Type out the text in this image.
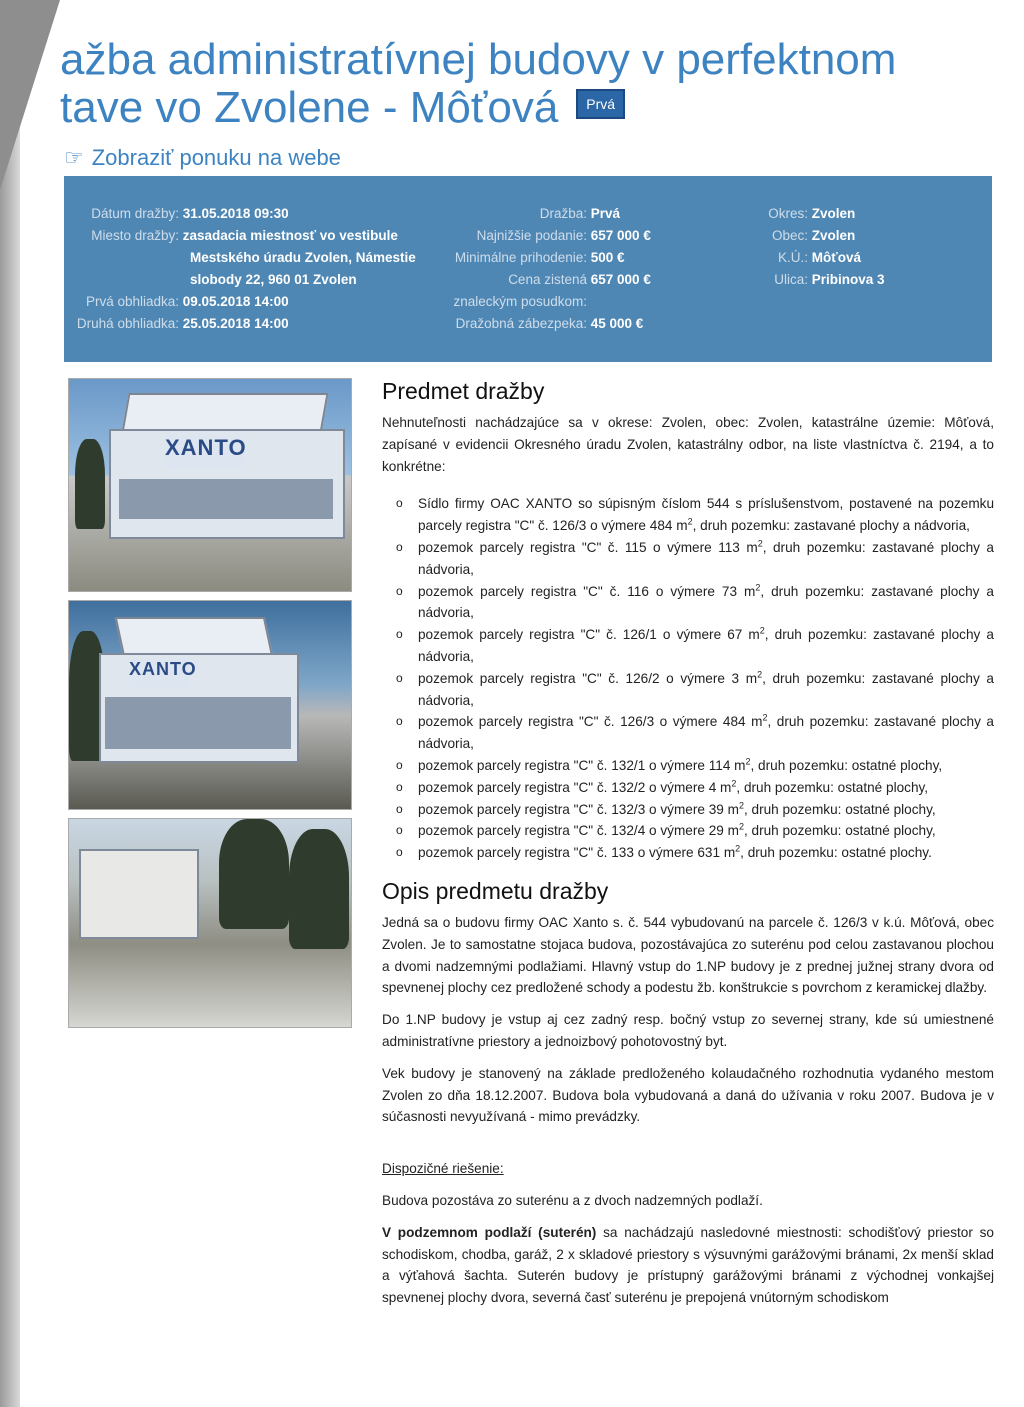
ažba administratívnej budovy v perfektnom
tave vo Zvolene - Môťová Prvá
☞ Zobraziť ponuku na webe
Dátum dražby: 31.05.2018 09:30
Miesto dražby: zasadacia miestnosť vo vestibule
Mestského úradu Zvolen, Námestie
slobody 22, 960 01 Zvolen
Prvá obhliadka: 09.05.2018 14:00
Druhá obhliadka: 25.05.2018 14:00
Dražba: Prvá
Najnižšie podanie: 657 000 €
Minimálne prihodenie: 500 €
Cena zistená 657 000 €
znaleckým posudkom:
Dražobná zábezpeka: 45 000 €
Okres: Zvolen
Obec: Zvolen
K.Ú.: Môťová
Ulica: Pribinova 3
XANTO
XANTO
Predmet dražby

Nehnuteľnosti nachádzajúce sa v okrese: Zvolen, obec: Zvolen, katastrálne územie: Môťová, zapísané v evidencii Okresného úradu Zvolen, katastrálny odbor, na liste vlastníctva č. 2194, a to konkrétne:

o Sídlo firmy OAC XANTO so súpisným číslom 544 s príslušenstvom, postavené na pozemku parcely registra "C" č. 126/3 o výmere 484 $m^2$, druh pozemku: zastavané plochy a nádvoria,
o pozemok parcely registra "C" č. 115 o výmere 113 $m^2$, druh pozemku: zastavané plochy a nádvoria,
o pozemok parcely registra "C" č. 116 o výmere 73 $m^2$, druh pozemku: zastavané plochy a nádvoria,
o pozemok parcely registra "C" č. 126/1 o výmere 67 $m^2$, druh pozemku: zastavané plochy a nádvoria,
o pozemok parcely registra "C" č. 126/2 o výmere 3 $m^2$, druh pozemku: zastavané plochy a nádvoria,
o pozemok parcely registra "C" č. 126/3 o výmere 484 $m^2$, druh pozemku: zastavané plochy a nádvoria,
o pozemok parcely registra "C" č. 132/1 o výmere 114 $m^2$, druh pozemku: ostatné plochy,
o pozemok parcely registra "C" č. 132/2 o výmere 4 $m^2$, druh pozemku: ostatné plochy,
o pozemok parcely registra "C" č. 132/3 o výmere 39 $m^2$, druh pozemku: ostatné plochy,
o pozemok parcely registra "C" č. 132/4 o výmere 29 $m^2$, druh pozemku: ostatné plochy,
o pozemok parcely registra "C" č. 133 o výmere 631 $m^2$, druh pozemku: ostatné plochy.
Opis predmetu dražby

Jedná sa o budovu firmy OAC Xanto s. č. 544 vybudovanú na parcele č. 126/3 v k.ú. Môťová, obec Zvolen. Je to samostatne stojaca budova, pozostávajúca zo suterénu pod celou zastavanou plochou a dvomi nadzemnými podlažiami. Hlavný vstup do 1.NP budovy je z prednej južnej strany dvora od spevnenej plochy cez predložené schody a podestu žb. konštrukcie s povrchom z keramickej dlažby.

Do 1.NP budovy je vstup aj cez zadný resp. bočný vstup zo severnej strany, kde sú umiestnené administratívne priestory a jednoizbový pohotovostný byt.

Vek budovy je stanovený na základe predloženého kolaudačného rozhodnutia vydaného mestom Zvolen zo dňa 18.12.2007. Budova bola vybudovaná a daná do užívania v roku 2007. Budova je v súčasnosti nevyužívaná - mimo prevádzky.

Dispozičné riešenie:

Budova pozostáva zo suterénu a z dvoch nadzemných podlaží.

V podzemnom podlaží (suterén) sa nachádzajú nasledovné miestnosti: schodišťový priestor so schodiskom, chodba, garáž, 2 x skladové priestory s výsuvnými garážovými bránami, 2x menší sklad a výťahová šachta. Suterén budovy je prístupný garážovými bránami z východnej vonkajšej spevnenej plochy dvora, severná časť suterénu je prepojená vnútorným schodiskom
